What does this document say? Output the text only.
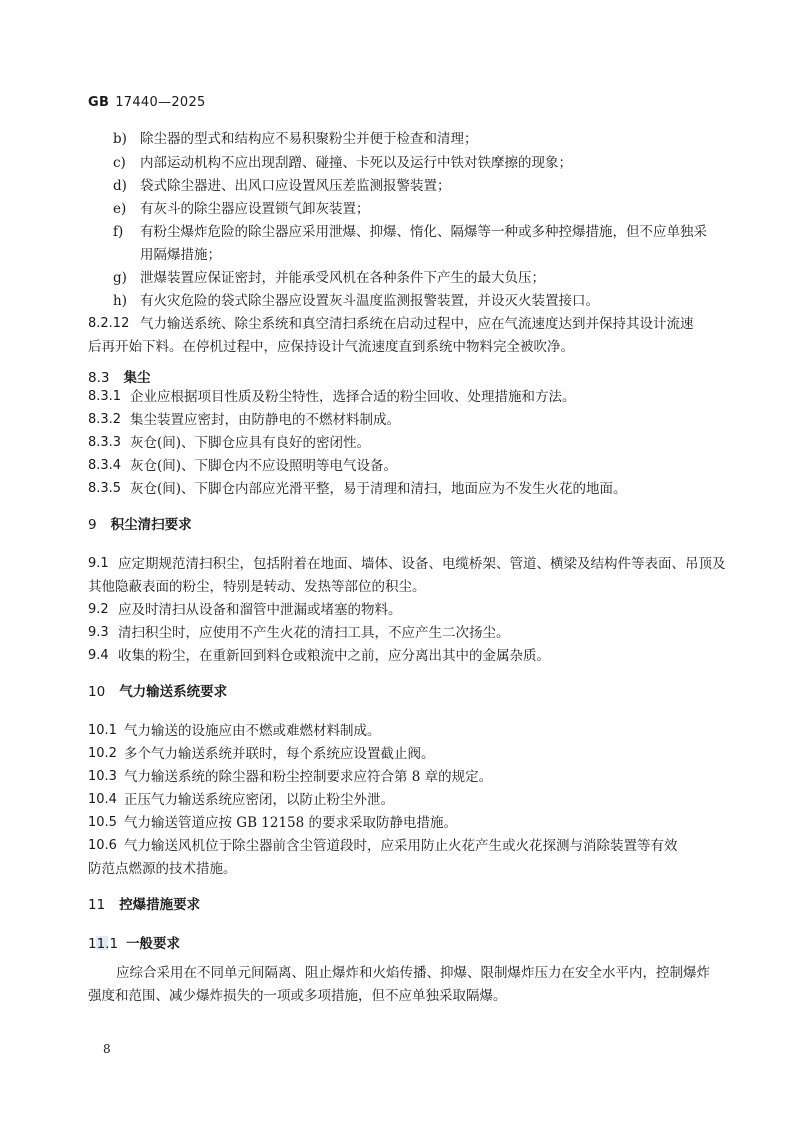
GB 17440—2025
b) 除尘器的型式和结构应不易积聚粉尘并便于检查和清理；
c) 内部运动机构不应出现刮蹭、碰撞、卡死以及运行中铁对铁摩擦的现象；
d) 袋式除尘器进、出风口应设置风压差监测报警装置；
e) 有灰斗的除尘器应设置锁气卸灰装置；
f) 有粉尘爆炸危险的除尘器应采用泄爆、抑爆、惰化、隔爆等一种或多种控爆措施，但不应单独采
用隔爆措施；
g) 泄爆装置应保证密封，并能承受风机在各种条件下产生的最大负压；
h) 有火灾危险的袋式除尘器应设置灰斗温度监测报警装置，并设灭火装置接口。
8.2.12 气力输送系统、除尘系统和真空清扫系统在启动过程中，应在气流速度达到并保持其设计流速
后再开始下料。在停机过程中，应保持设计气流速度直到系统中物料完全被吹净。
8.3 集尘
8.3.1 企业应根据项目性质及粉尘特性，选择合适的粉尘回收、处理措施和方法。
8.3.2 集尘装置应密封，由防静电的不燃材料制成。
8.3.3 灰仓(间)、下脚仓应具有良好的密闭性。
8.3.4 灰仓(间)、下脚仓内不应设照明等电气设备。
8.3.5 灰仓(间)、下脚仓内部应光滑平整，易于清理和清扫，地面应为不发生火花的地面。
9 积尘清扫要求
9.1 应定期规范清扫积尘，包括附着在地面、墙体、设备、电缆桥架、管道、横梁及结构件等表面、吊顶及
其他隐蔽表面的粉尘，特别是转动、发热等部位的积尘。
9.2 应及时清扫从设备和溜管中泄漏或堵塞的物料。
9.3 清扫积尘时，应使用不产生火花的清扫工具，不应产生二次扬尘。
9.4 收集的粉尘，在重新回到料仓或粮流中之前，应分离出其中的金属杂质。
10 气力输送系统要求
10.1 气力输送的设施应由不燃或难燃材料制成。
10.2 多个气力输送系统并联时，每个系统应设置截止阀。
10.3 气力输送系统的除尘器和粉尘控制要求应符合第 8 章的规定。
10.4 正压气力输送系统应密闭，以防止粉尘外泄。
10.5 气力输送管道应按 GB 12158 的要求采取防静电措施。
10.6 气力输送风机位于除尘器前含尘管道段时，应采用防止火花产生或火花探测与消除装置等有效
防范点燃源的技术措施。
11 控爆措施要求
11.1 一般要求
应综合采用在不同单元间隔离、阻止爆炸和火焰传播、抑爆、限制爆炸压力在安全水平内，控制爆炸
强度和范围、减少爆炸损失的一项或多项措施，但不应单独采取隔爆。
8
